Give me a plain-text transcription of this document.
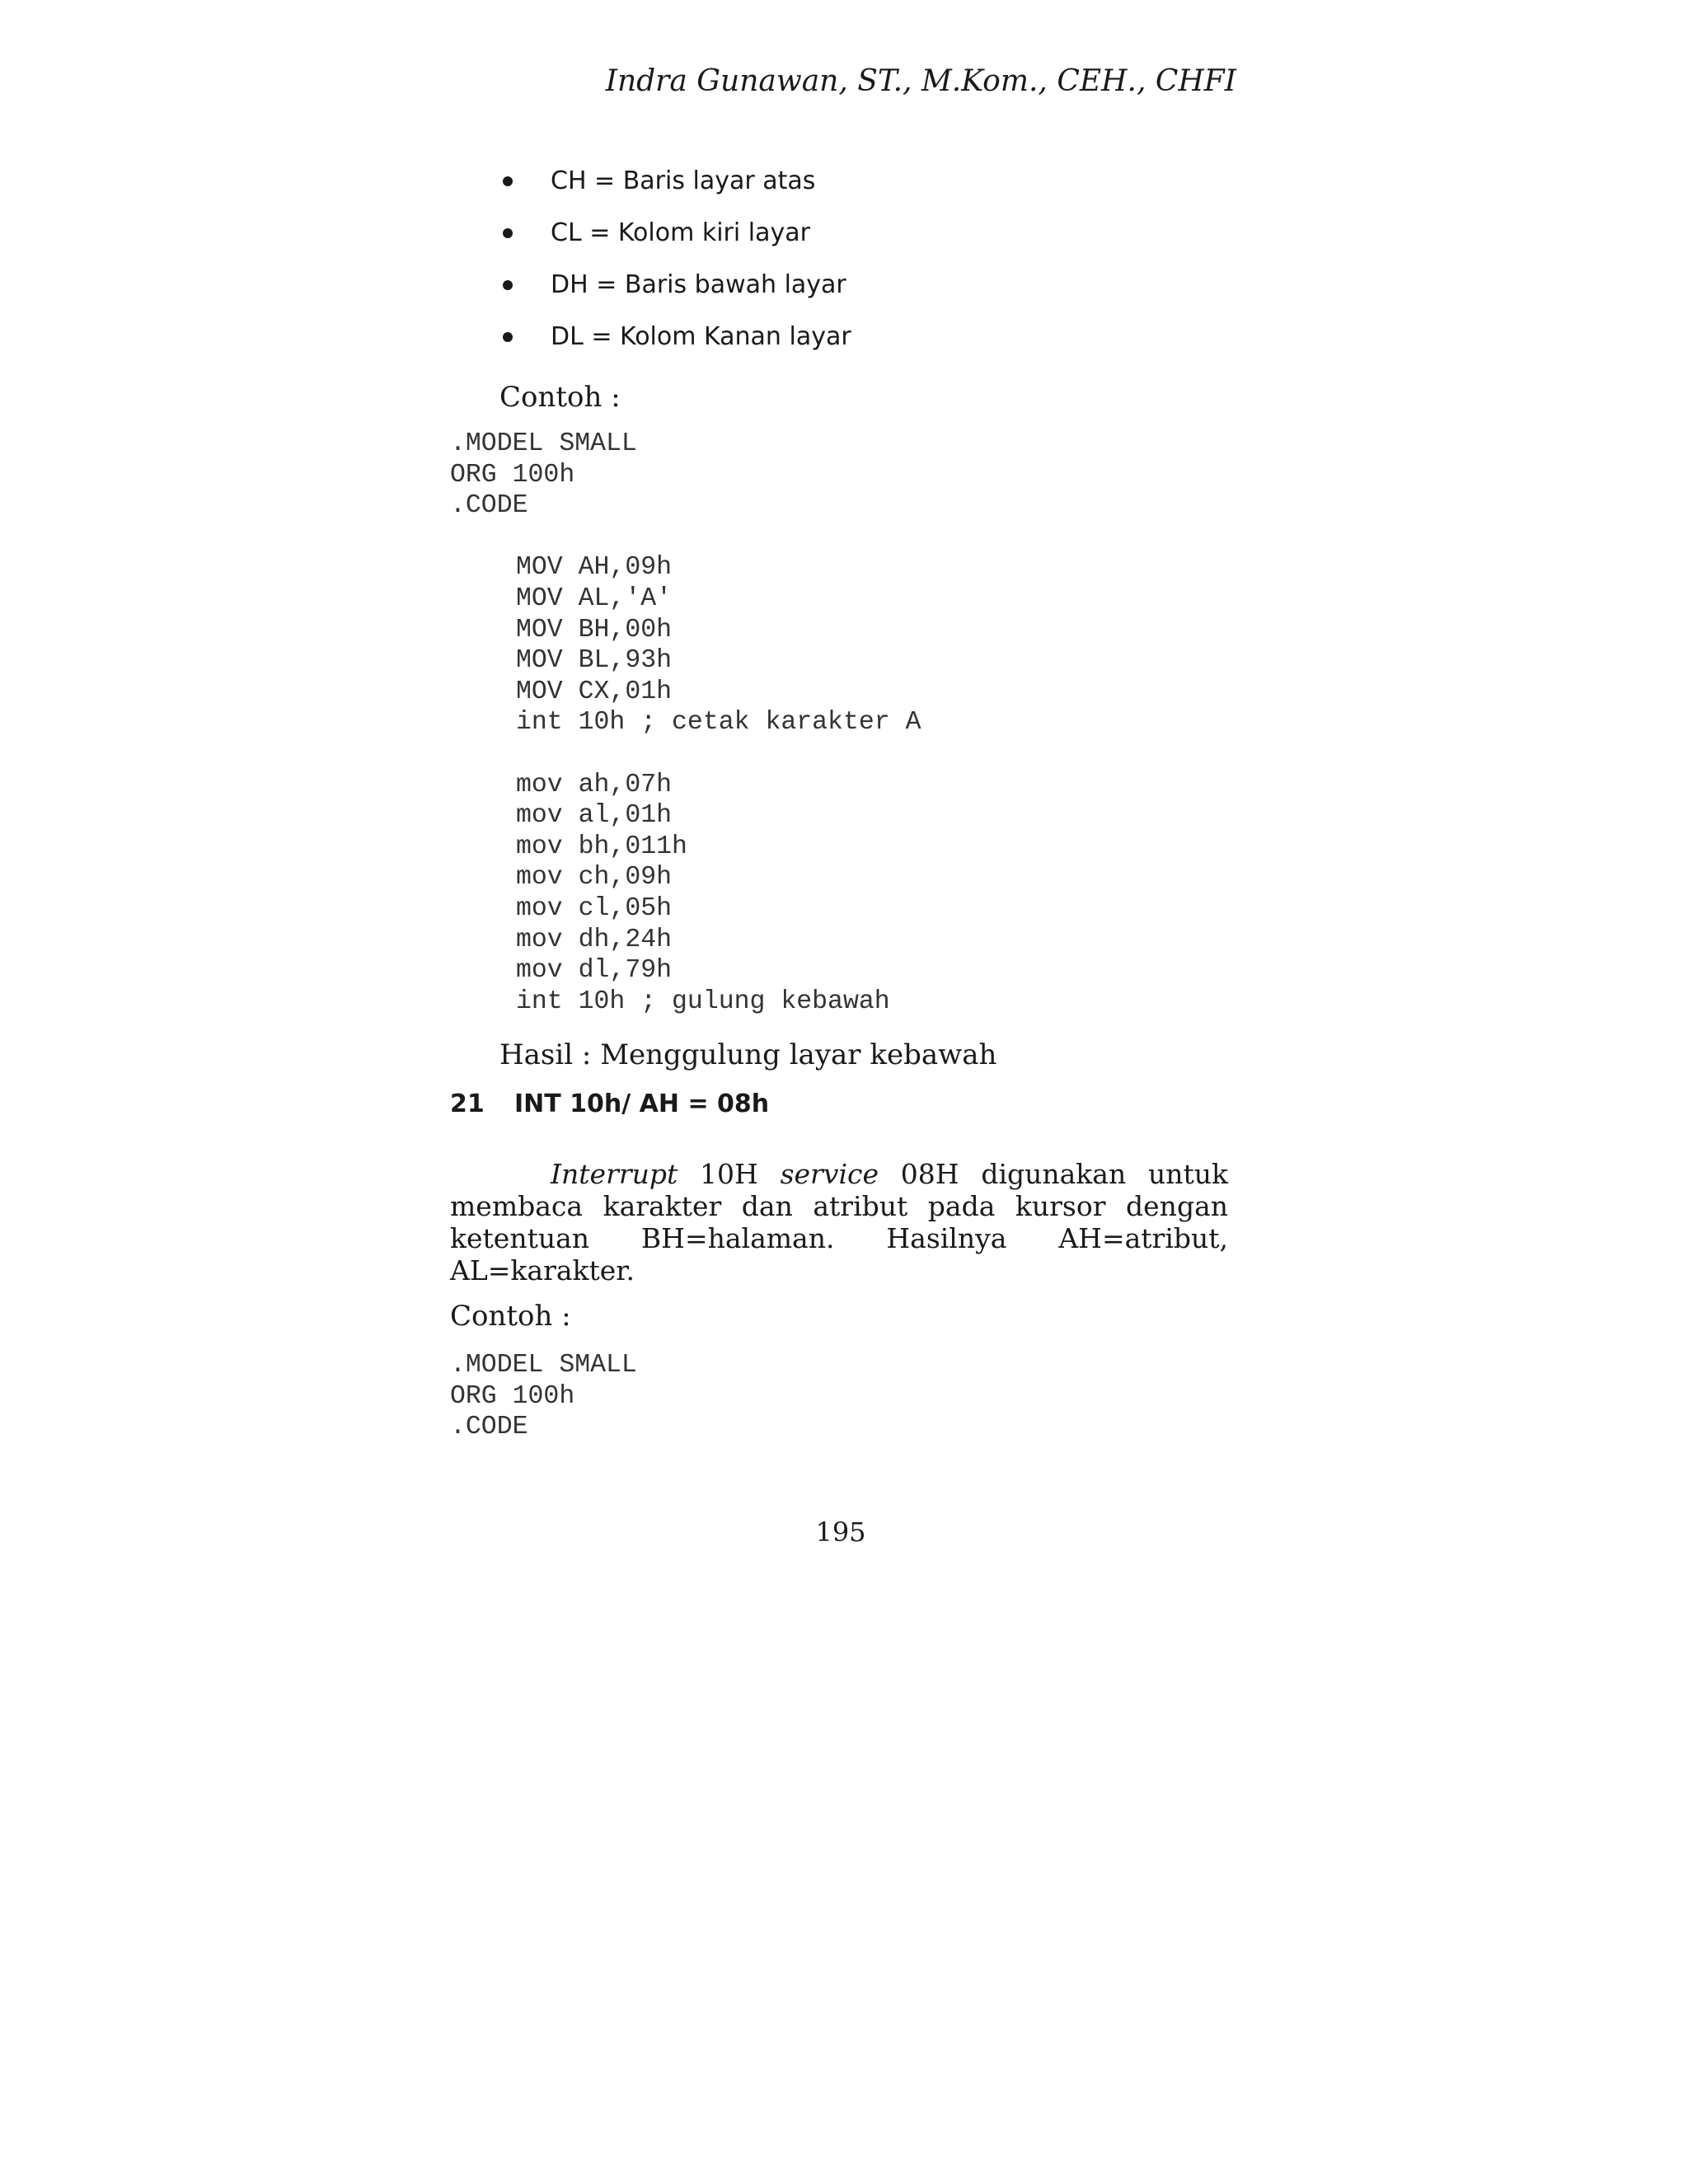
Indra Gunawan, ST., M.Kom., CEH., CHFI
CH = Baris layar atas
CL = Kolom kiri layar
DH = Baris bawah layar
DL = Kolom Kanan layar
Contoh :
.MODEL SMALL
ORG 100h
.CODE

MOV AH,09h
MOV AL,'A'
MOV BH,00h
MOV BL,93h
MOV CX,01h
int 10h ; cetak karakter A

mov ah,07h
mov al,01h
mov bh,011h
mov ch,09h
mov cl,05h
mov dh,24h
mov dl,79h
int 10h ; gulung kebawah
Hasil : Menggulung layar kebawah
21 INT 10h/ AH = 08h

Interrupt 10H service 08H digunakan untuk membaca karakter dan atribut pada kursor dengan ketentuan BH=halaman. Hasilnya AH=atribut, AL=karakter.

Contoh :
.MODEL SMALL
ORG 100h
.CODE
195
